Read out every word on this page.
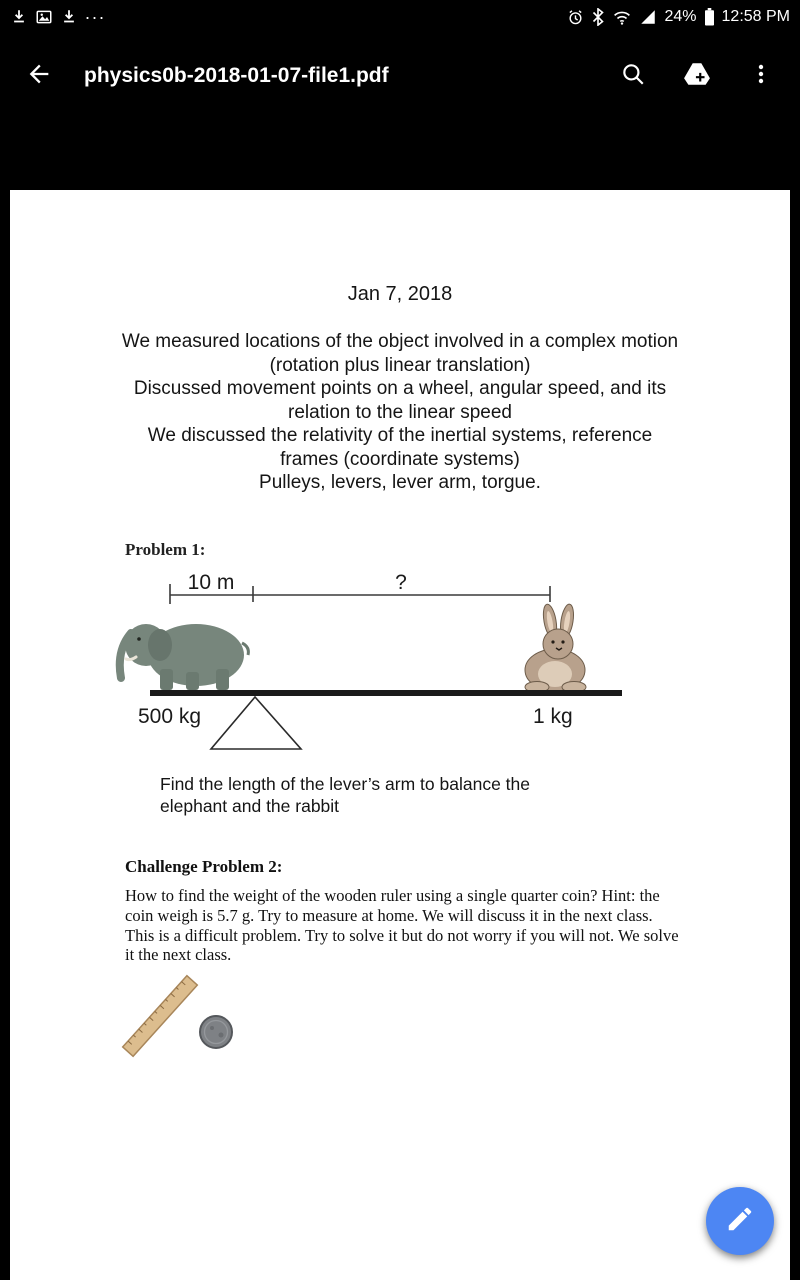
...	24% 12:58 PM
physics0b-2018-01-07-file1.pdf
Jan 7, 2018
We measured locations of the object involved in a complex motion (rotation plus linear translation)
Discussed movement points on a wheel, angular speed, and its relation to the linear speed
We discussed the relativity of the inertial systems, reference frames (coordinate systems)
Pulleys, levers, lever arm, torgue.
Problem 1:
10 m	?
500 kg	1 kg
Find the length of the lever’s arm to balance the
elephant and the rabbit
Challenge Problem 2:
How to find the weight of the wooden ruler using a single quarter coin? Hint: the coin weigh is 5.7 g. Try to measure at home. We will discuss it in the next class. This is a difficult problem. Try to solve it but do not worry if you will not. We solve it the next class.
